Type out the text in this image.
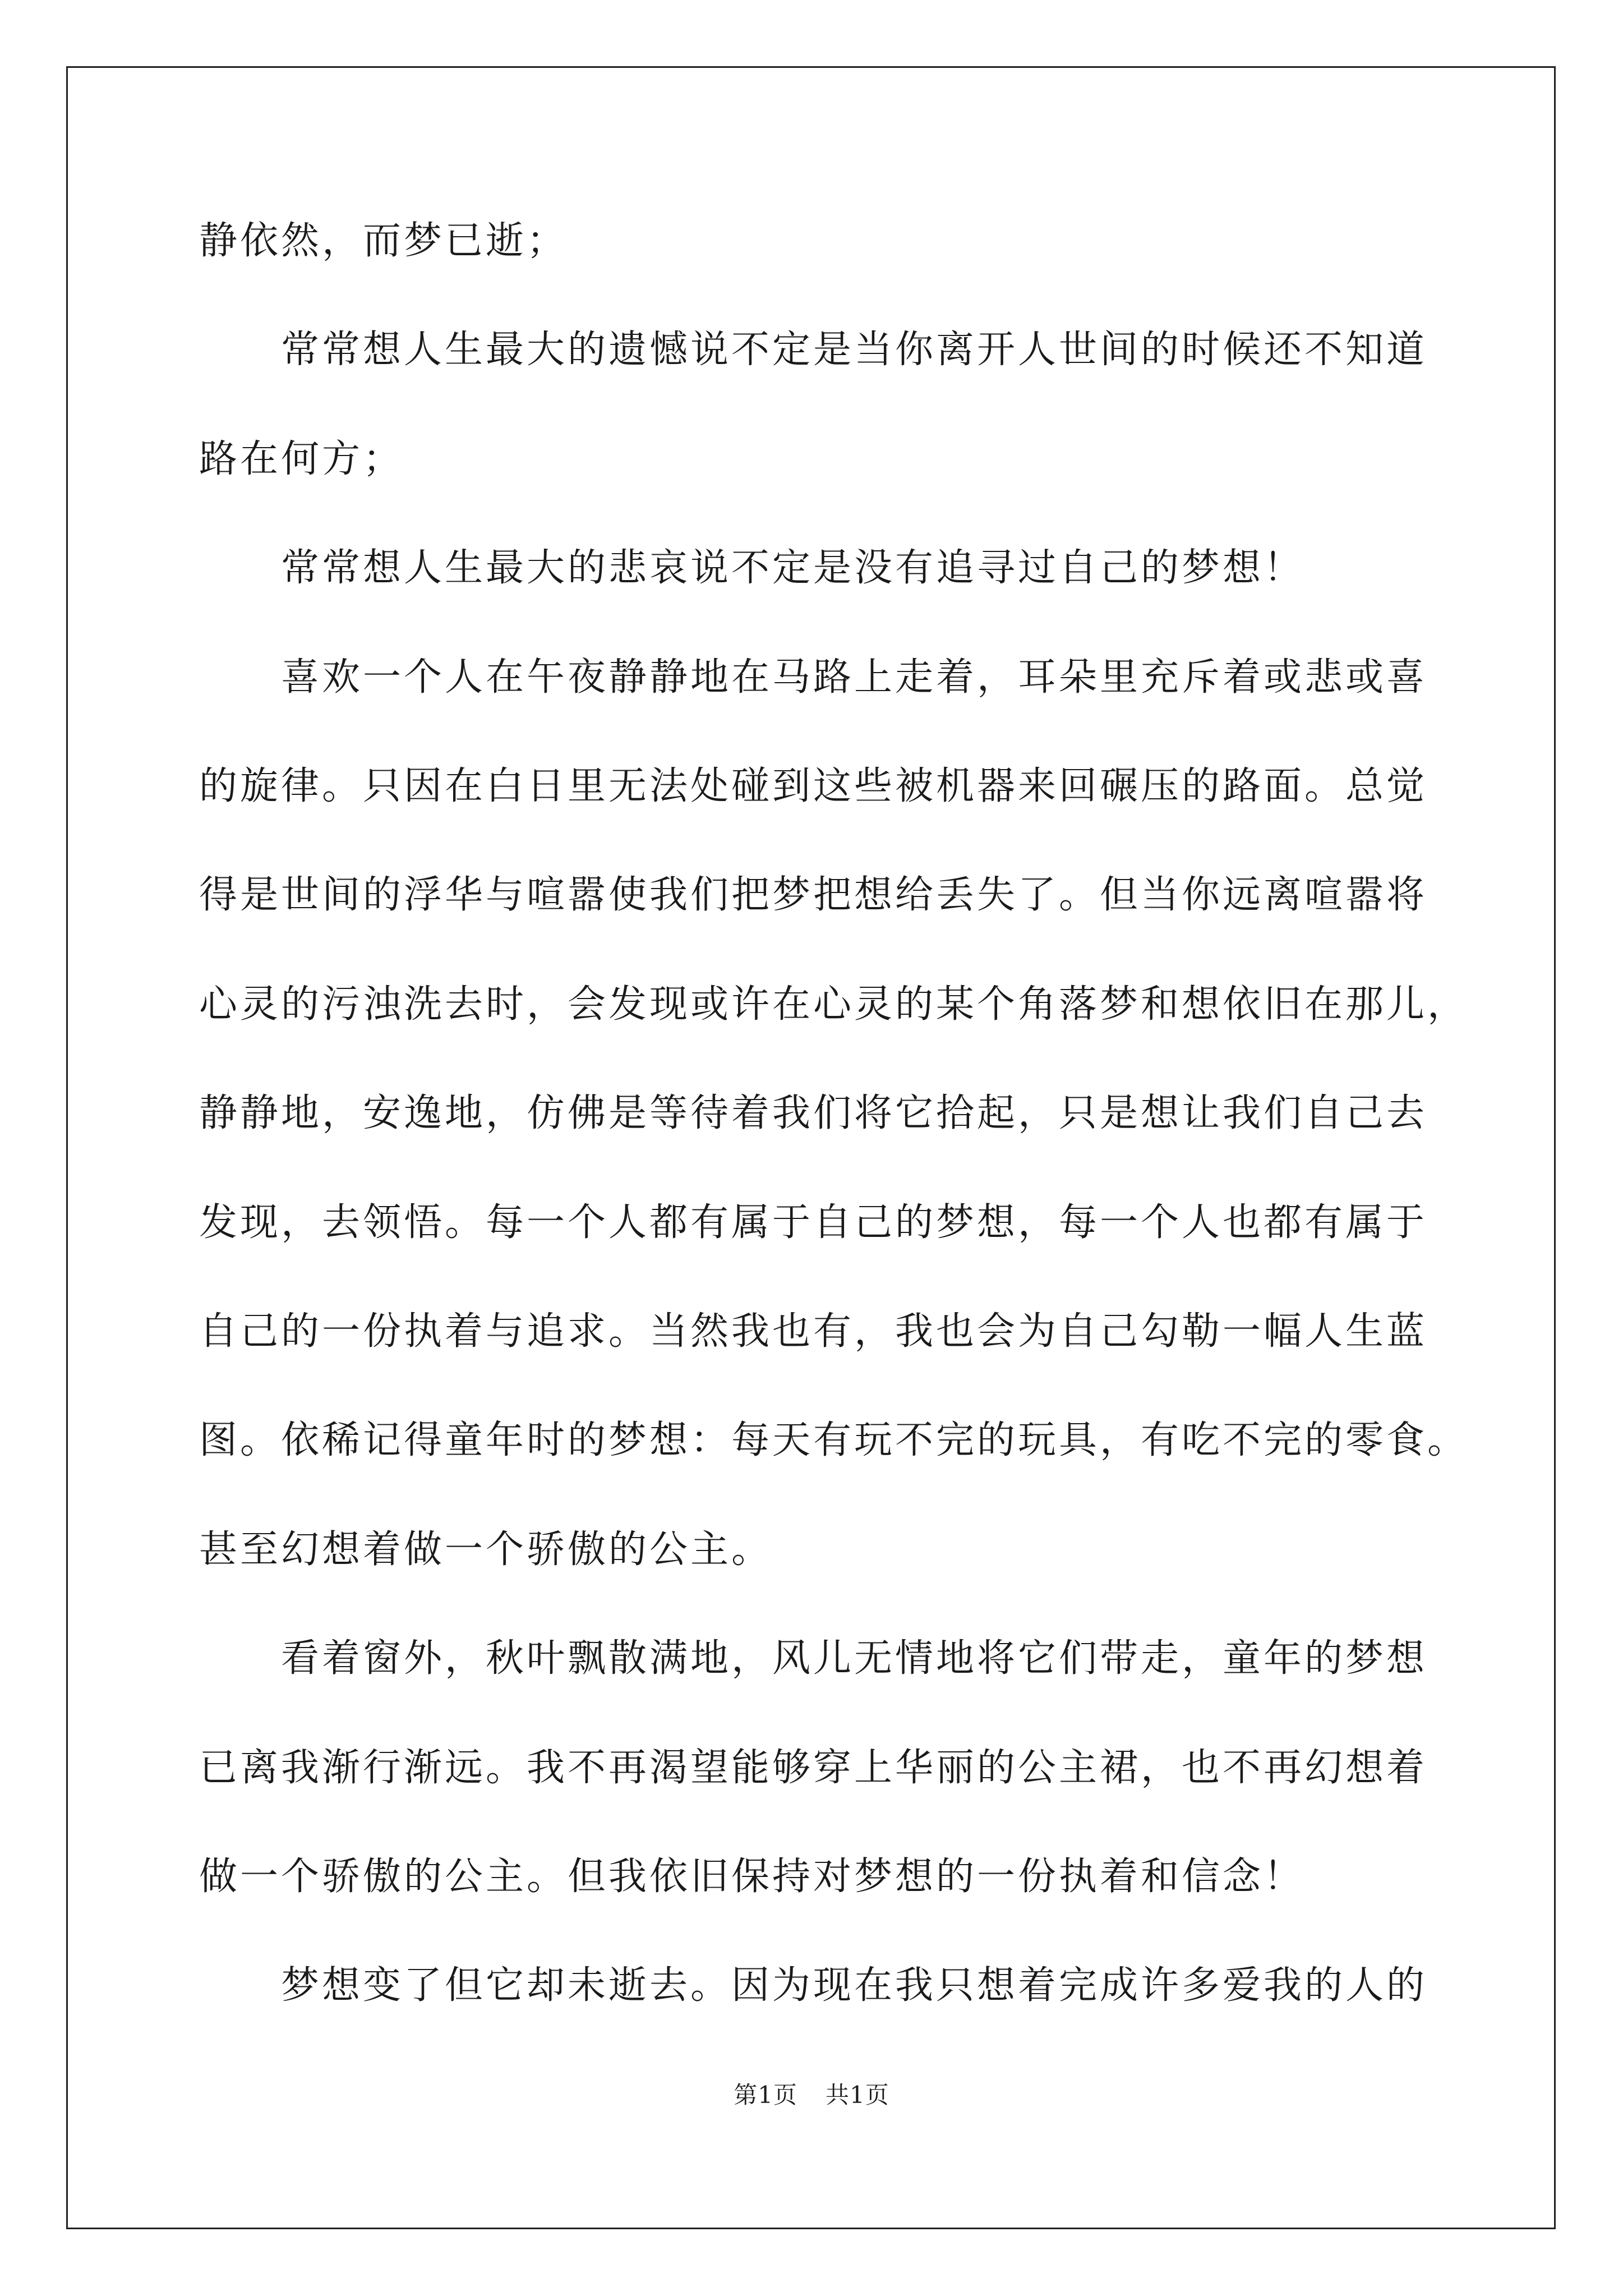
静依然，而梦已逝；
常常想人生最大的遗憾说不定是当你离开人世间的时候还不知道
路在何方；
常常想人生最大的悲哀说不定是没有追寻过自己的梦想！
喜欢一个人在午夜静静地在马路上走着，耳朵里充斥着或悲或喜
的旋律。只因在白日里无法处碰到这些被机器来回碾压的路面。总觉
得是世间的浮华与喧嚣使我们把梦把想给丢失了。但当你远离喧嚣将
心灵的污浊洗去时，会发现或许在心灵的某个角落梦和想依旧在那儿，
静静地，安逸地，仿佛是等待着我们将它拾起，只是想让我们自己去
发现，去领悟。每一个人都有属于自己的梦想，每一个人也都有属于
自己的一份执着与追求。当然我也有，我也会为自己勾勒一幅人生蓝
图。依稀记得童年时的梦想：每天有玩不完的玩具，有吃不完的零食。
甚至幻想着做一个骄傲的公主。
看着窗外，秋叶飘散满地，风儿无情地将它们带走，童年的梦想
已离我渐行渐远。我不再渴望能够穿上华丽的公主裙，也不再幻想着
做一个骄傲的公主。但我依旧保持对梦想的一份执着和信念！
梦想变了但它却未逝去。因为现在我只想着完成许多爱我的人的
第1页 共1页
